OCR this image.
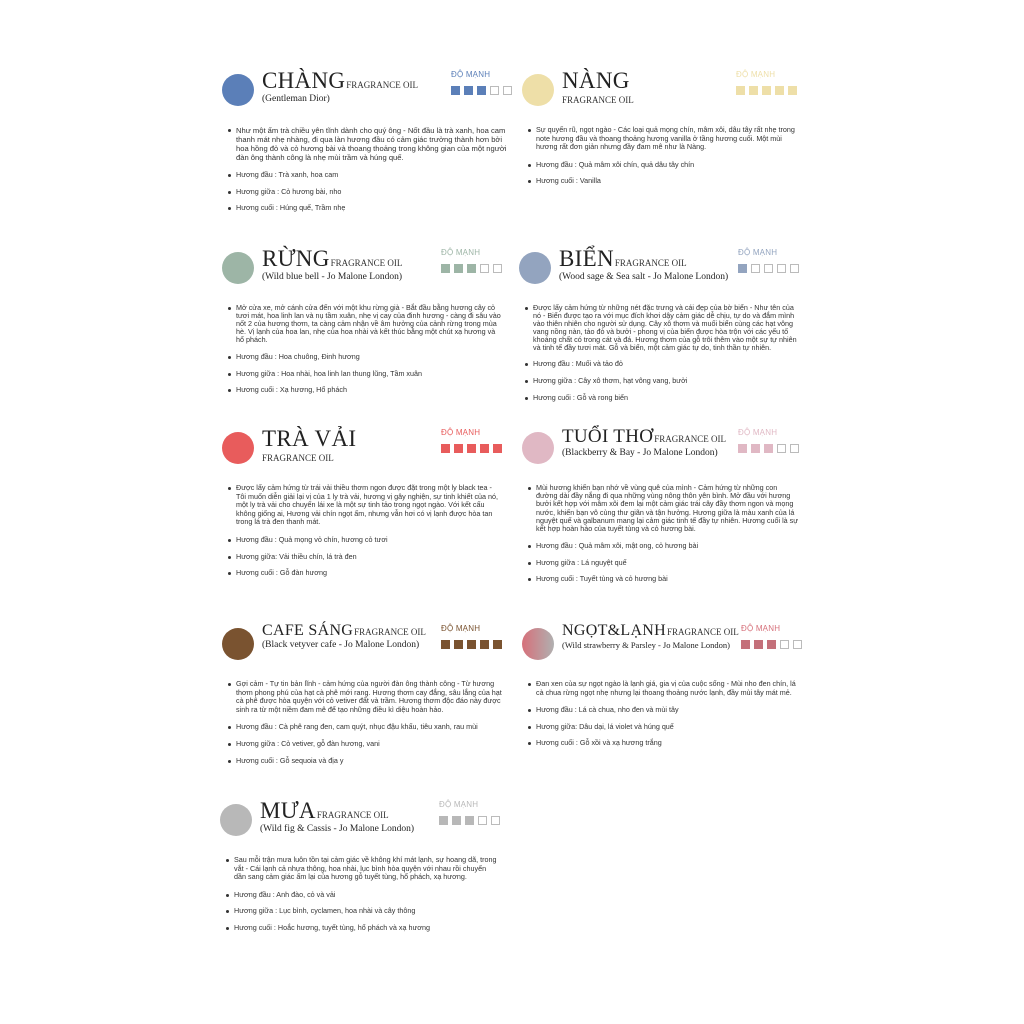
CHÀNGFRAGRANCE OIL
(Gentleman Dior)
ĐỘ MẠNH
Như một ấm trà chiều yên tĩnh dành cho quý ông - Nốt đầu là trà xanh, hoa cam thanh mát nhẹ nhàng, đi qua làn hương đầu có cảm giác trưởng thành hơn bởi hoa hồng đỏ và cỏ hương bài và thoang thoảng trong không gian của một người đàn ông thành công là nhẹ mùi trầm và húng quế.
Hương đầu : Trà xanh, hoa cam
Hương giữa : Cỏ hương bài, nho
Hương cuối : Húng quế, Trầm nhẹ
NÀNG
FRAGRANCE OIL
ĐỘ MẠNH
Sự quyến rũ, ngọt ngào - Các loại quả mọng chín, mâm xôi, dâu tây rất nhẹ trong note hương đầu và thoang thoảng hương vanilla ở tầng hương cuối. Một mùi hương rất đơn giản nhưng đầy đam mê như là Nàng.
Hương đầu : Quả mâm xôi chín, quả dâu tây chín
Hương cuối : Vanilla
RỪNGFRAGRANCE OIL
(Wild blue bell - Jo Malone London)
ĐỘ MẠNH
Mở cửa xe, mở cánh cửa đến với một khu rừng già - Bắt đầu bằng hương cây cỏ tươi mát, hoa linh lan và nụ tầm xuân, nhẹ vị cay của đinh hương - càng đi sâu vào nốt 2 của hương thơm, ta càng cảm nhận về âm hưởng của cảnh rừng trong mùa hè. Vị lạnh của hoa lan, nhẹ của hoa nhài và kết thúc bằng một chút xạ hương và hổ phách.
Hương đầu : Hoa chuông, Đinh hương
Hương giữa : Hoa nhài, hoa linh lan thung lũng, Tầm xuân
Hương cuối : Xạ hương, Hổ phách
BIỂNFRAGRANCE OIL
(Wood sage & Sea salt - Jo Malone London)
ĐỘ MẠNH
Được lấy cảm hứng từ những nét đặc trưng và cái đẹp của bờ biển - Như tên của nó - Biển được tạo ra với mục đích khơi dậy cảm giác dễ chịu, tự do và đắm mình vào thiên nhiên cho người sử dụng. Cây xô thơm và muối biển cùng các hạt vông vang nồng nàn, tảo đỏ và bưởi - phong vị của biển được hòa trộn với các yếu tố khoáng chất có trong cát và đá. Hương thơm của gỗ trôi thêm vào một sự tự nhiên và tinh tế đầy tươi mát. Gỗ và biển, một cảm giác tự do, tinh thần tự nhiên.
Hương đầu : Muối và tảo đỏ
Hương giữa : Cây xô thơm, hạt vông vang, bưởi
Hương cuối : Gỗ và rong biển
TRÀ VẢI
FRAGRANCE OIL
ĐỘ MẠNH
Được lấy cảm hứng từ trái vải thiều thơm ngon được đặt trong một ly black tea - Tôi muốn diễn giải lại vị của 1 ly trà vải, hương vị gây nghiện, sự tinh khiết của nó, một ly trà vải cho chuyến lái xe là một sự tinh tảo trong ngọt ngào. Với kết cấu không giống ai, Hương vải chín ngọt ấm, nhưng vẫn hơi có vị lạnh được hòa tan trong lá trà đen thanh mát.
Hương đầu : Quả mọng vỏ chín, hương cỏ tươi
Hương giữa: Vải thiều chín, lá trà đen
Hương cuối : Gỗ đàn hương
TUỔI THƠFRAGRANCE OIL
(Blackberry & Bay - Jo Malone London)
ĐỘ MẠNH
Mùi hương khiến bạn nhớ về vùng quê của mình - Cảm hứng từ những con đường dài đầy nắng đi qua những vùng nông thôn yên bình. Mở đầu với hương bưởi kết hợp với mâm xôi đem lại một cảm giác trái cây đầy thơm ngon và mọng nước, khiến bạn vô cùng thư giãn và tận hưởng. Hương giữa là màu xanh của lá nguyệt quế và galbanum mang lại cảm giác tinh tế đầy tự nhiên. Hương cuối là sự kết hợp hoàn hảo của tuyết tùng và cỏ hương bài.
Hương đầu : Quả mâm xôi, mật ong, cỏ hương bài
Hương giữa : Lá nguyệt quế
Hương cuối : Tuyết tùng và cỏ hương bài
CAFE SÁNGFRAGRANCE OIL
(Black vetyver cafe - Jo Malone London)
ĐỘ MẠNH
Gợi cảm - Tự tin bản lĩnh - cảm hứng của người đàn ông thành công - Từ hương thơm phong phú của hạt cà phê mới rang. Hương thơm cay đắng, sâu lắng của hạt cà phê được hòa quyện với cỏ vetiver đất và trầm. Hương thơm độc đáo này được sinh ra từ một niềm đam mê để tạo những điều kì diệu hoàn hảo.
Hương đầu : Cà phê rang đen, cam quýt, nhục đậu khấu, tiêu xanh, rau mùi
Hương giữa : Cỏ vetiver, gỗ đàn hương, vani
Hương cuối : Gỗ sequoia và địa y
NGỌT&LẠNHFRAGRANCE OIL
(Wild strawberry & Parsley - Jo Malone London)
ĐỘ MẠNH
Đan xen của sự ngọt ngào là lạnh giá, gia vị của cuộc sống - Mùi nho đen chín, lá cà chua rừng ngọt nhẹ nhưng lại thoang thoảng nước lạnh, đầy mùi tây mát mẻ.
Hương đầu : Lá cà chua, nho đen và mùi tây
Hương giữa: Dâu dại, lá violet và húng quế
Hương cuối : Gỗ xồi và xạ hương trắng
MƯAFRAGRANCE OIL
(Wild fig & Cassis - Jo Malone London)
ĐỘ MẠNH
Sau mỗi trận mưa luôn tồn tại cảm giác về không khí mát lạnh, sự hoang dã, trong vắt - Cái lạnh cả nhựa thông, hoa nhài, lục bình hòa quyện với nhau rồi chuyển dần sang cảm giác ấm lại của hương gỗ tuyết tùng, hổ phách, xạ hương.
Hương đầu : Anh đào, cỏ và vải
Hương giữa : Lục bình, cyclamen, hoa nhài và cây thông
Hương cuối : Hoắc hương, tuyết tùng, hổ phách và xạ hương
